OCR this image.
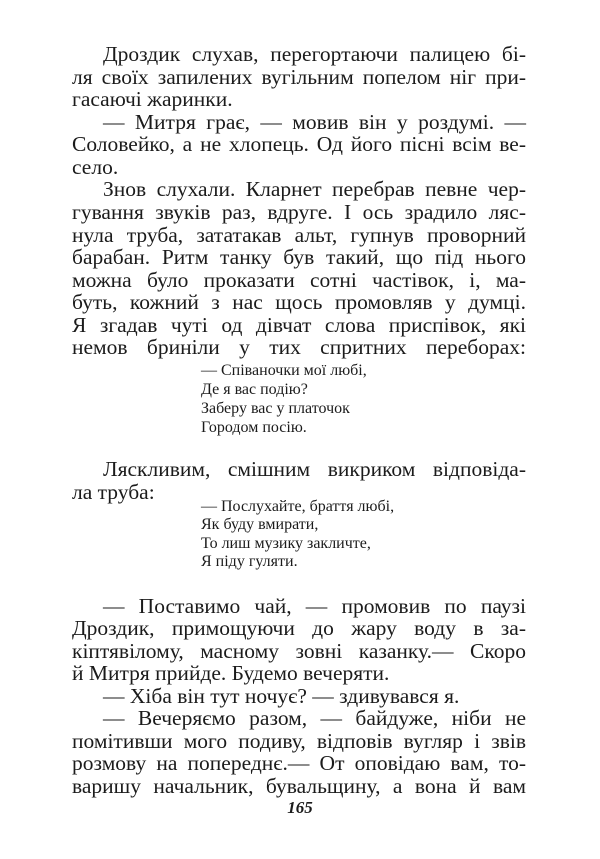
Дроздик слухав, перегортаючи палицею бі-

ля своїх запилених вугільним попелом ніг при-

гасаючі жаринки.

— Митря грає, — мовив він у роздумі. —

Соловейко, а не хлопець. Од його пісні всім ве-

село.

Знов слухали. Кларнет перебрав певне чер-

гування звуків раз, вдруге. І ось зрадило ляс-

нула труба, зататакав альт, гупнув проворний

барабан. Ритм танку був такий, що під нього

можна було проказати сотні частівок, і, ма-

буть, кожний з нас щось промовляв у думці.

Я згадав чуті од дівчат слова приспівок, які

немов бриніли у тих спритних переборах:

— Співаночки мої любі,

Де я вас подію?

Заберу вас у платочок

Городом посію.

Ляскливим, смішним викриком відповіда-

ла труба:

— Послухайте, браття любі,

Як буду вмирати,

То лиш музику закличте,

Я піду гуляти.

— Поставимо чай, — промовив по паузі

Дроздик, примощуючи до жару воду в за-

кіптявілому, масному зовні казанку.— Скоро

й Митря прийде. Будемо вечеряти.

— Хіба він тут ночує? — здивувався я.

— Вечеряємо разом, — байдуже, ніби не

помітивши мого подиву, відповів вугляр і звів

розмову на попереднє.— От оповідаю вам, то-

варишу начальник, бувальщину, а вона й вам

165
